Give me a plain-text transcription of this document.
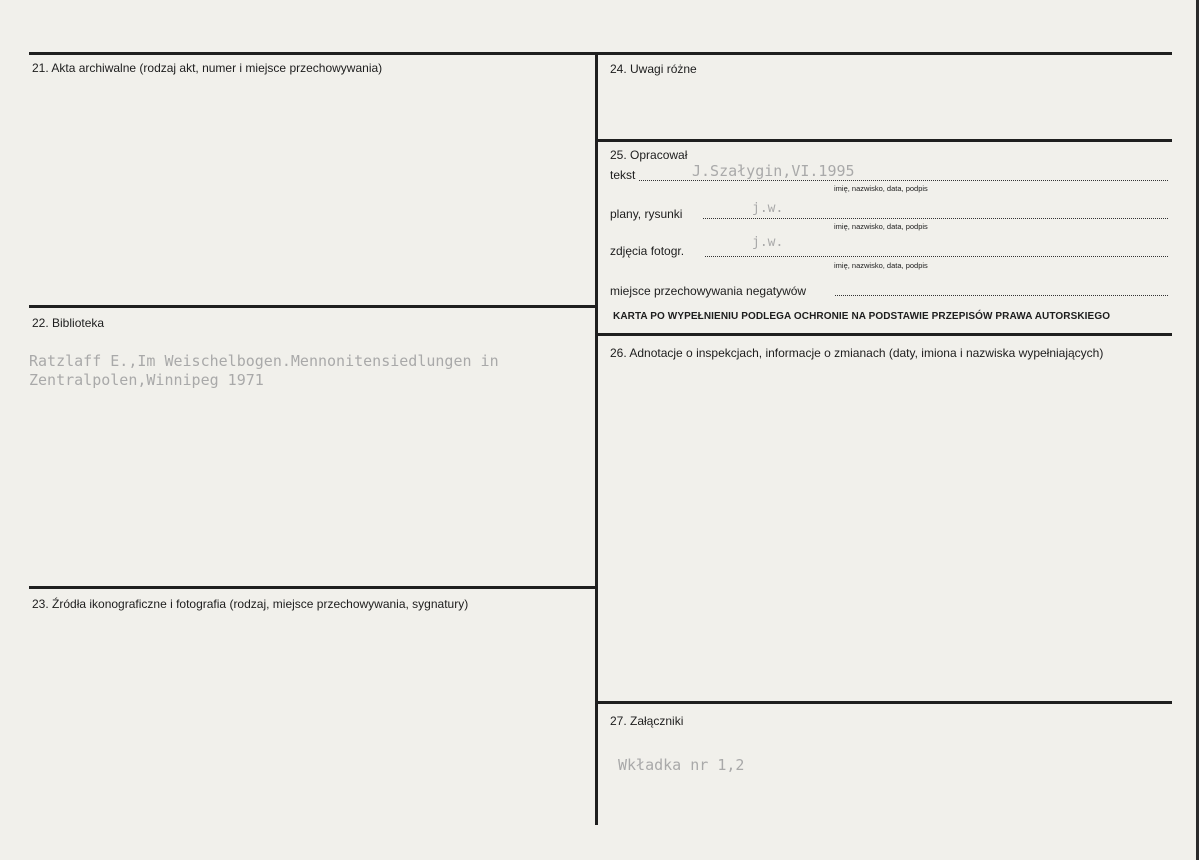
21. Akta archiwalne (rodzaj akt, numer i miejsce przechowywania)
22. Biblioteka
Ratzlaff E.,Im Weischelbogen.Mennonitensiedlungen in
Zentralpolen,Winnipeg 1971
23. Źródła ikonograficzne i fotografia (rodzaj, miejsce przechowywania, sygnatury)
24. Uwagi różne
25. Opracował
tekst	J.Szałygin,VI.1995
imię, nazwisko, data, podpis
plany, rysunki	j.w.
imię, nazwisko, data, podpis
zdjęcia fotogr.
j.w.
imię, nazwisko, data, podpis
miejsce przechowywania negatywów
KARTA PO WYPEŁNIENIU PODLEGA OCHRONIE NA PODSTAWIE PRZEPISÓW PRAWA AUTORSKIEGO
26. Adnotacje o inspekcjach, informacje o zmianach (daty, imiona i nazwiska wypełniających)
27. Załączniki
Wkładka nr 1,2
